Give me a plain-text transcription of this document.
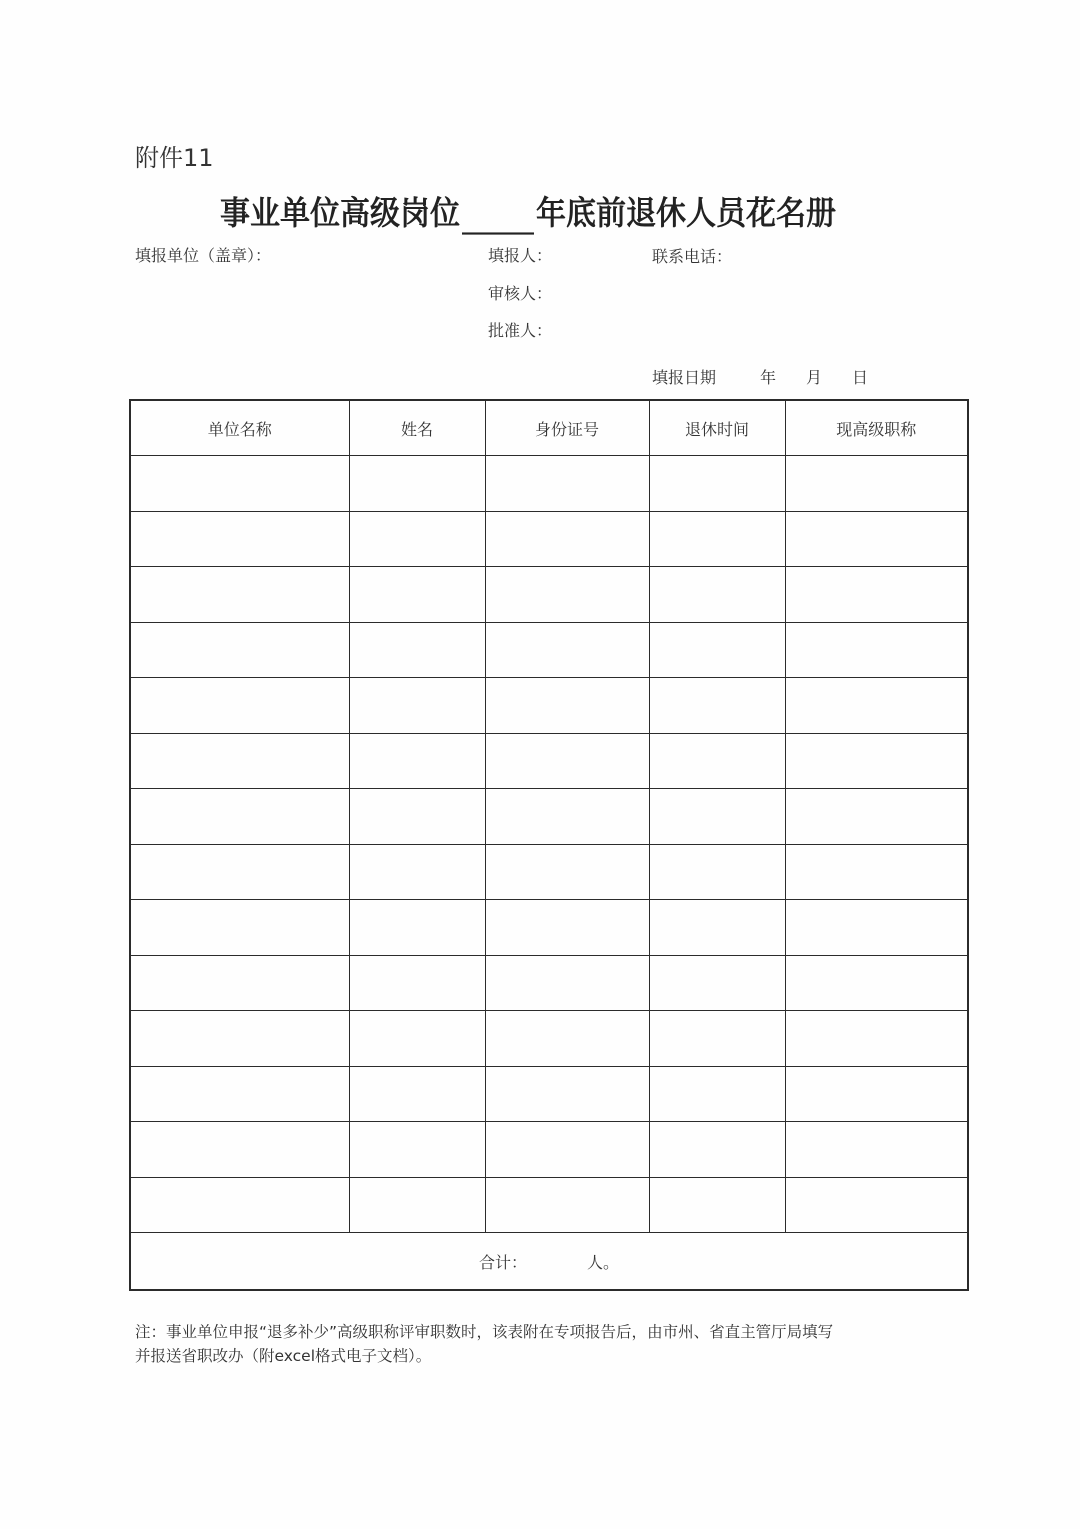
附件11
事业单位高级岗位	年底前退休人员花名册
填报单位（盖章）：	填报人：	联系电话：
审核人：
批准人：
填报日期	年 月 日
单位名称	姓名	身份证号	退休时间	现高级职称

合计： 人。				
注：事业单位申报“退多补少”高级职称评审职数时，该表附在专项报告后，由市州、省直主管厅局填写
并报送省职改办（附excel格式电子文档）。
